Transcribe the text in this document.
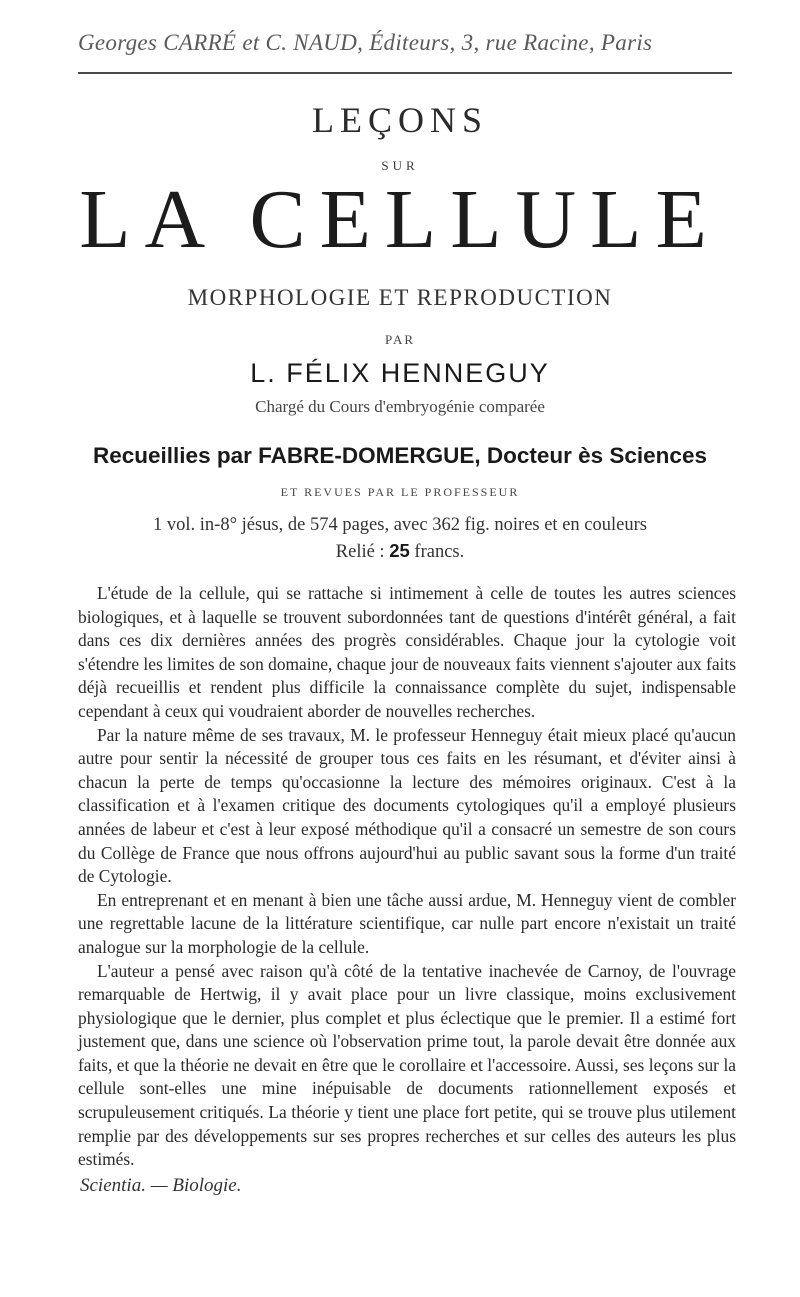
Georges CARRÉ et C. NAUD, Éditeurs, 3, rue Racine, Paris
LEÇONS
SUR
LA CELLULE
MORPHOLOGIE ET REPRODUCTION
PAR
L. FÉLIX HENNEGUY
Chargé du Cours d'embryogénie comparée
Recueillies par FABRE-DOMERGUE, Docteur ès Sciences
ET REVUES PAR LE PROFESSEUR
1 vol. in-8° jésus, de 574 pages, avec 362 fig. noires et en couleurs
Relié : 25 francs.

L'étude de la cellule, qui se rattache si intimement à celle de toutes les autres sciences biologiques, et à laquelle se trouvent subordonnées tant de questions d'intérêt général, a fait dans ces dix dernières années des progrès considérables. Chaque jour la cytologie voit s'étendre les limites de son domaine, chaque jour de nouveaux faits viennent s'ajouter aux faits déjà recueillis et rendent plus difficile la connaissance complète du sujet, indispensable cependant à ceux qui voudraient aborder de nouvelles recherches.

Par la nature même de ses travaux, M. le professeur Henneguy était mieux placé qu'aucun autre pour sentir la nécessité de grouper tous ces faits en les résumant, et d'éviter ainsi à chacun la perte de temps qu'occasionne la lecture des mémoires originaux. C'est à la classification et à l'examen critique des documents cytologiques qu'il a employé plusieurs années de labeur et c'est à leur exposé méthodique qu'il a consacré un semestre de son cours du Collège de France que nous offrons aujourd'hui au public savant sous la forme d'un traité de Cytologie.

En entreprenant et en menant à bien une tâche aussi ardue, M. Henneguy vient de combler une regrettable lacune de la littérature scientifique, car nulle part encore n'existait un traité analogue sur la morphologie de la cellule.

L'auteur a pensé avec raison qu'à côté de la tentative inachevée de Carnoy, de l'ouvrage remarquable de Hertwig, il y avait place pour un livre classique, moins exclusivement physiologique que le dernier, plus complet et plus éclectique que le premier. Il a estimé fort justement que, dans une science où l'observation prime tout, la parole devait être donnée aux faits, et que la théorie ne devait en être que le corollaire et l'accessoire. Aussi, ses leçons sur la cellule sont-elles une mine inépuisable de documents rationnellement exposés et scrupuleusement critiqués. La théorie y tient une place fort petite, qui se trouve plus utilement remplie par des développements sur ses propres recherches et sur celles des auteurs les plus estimés.

Scientia. — Biologie.
